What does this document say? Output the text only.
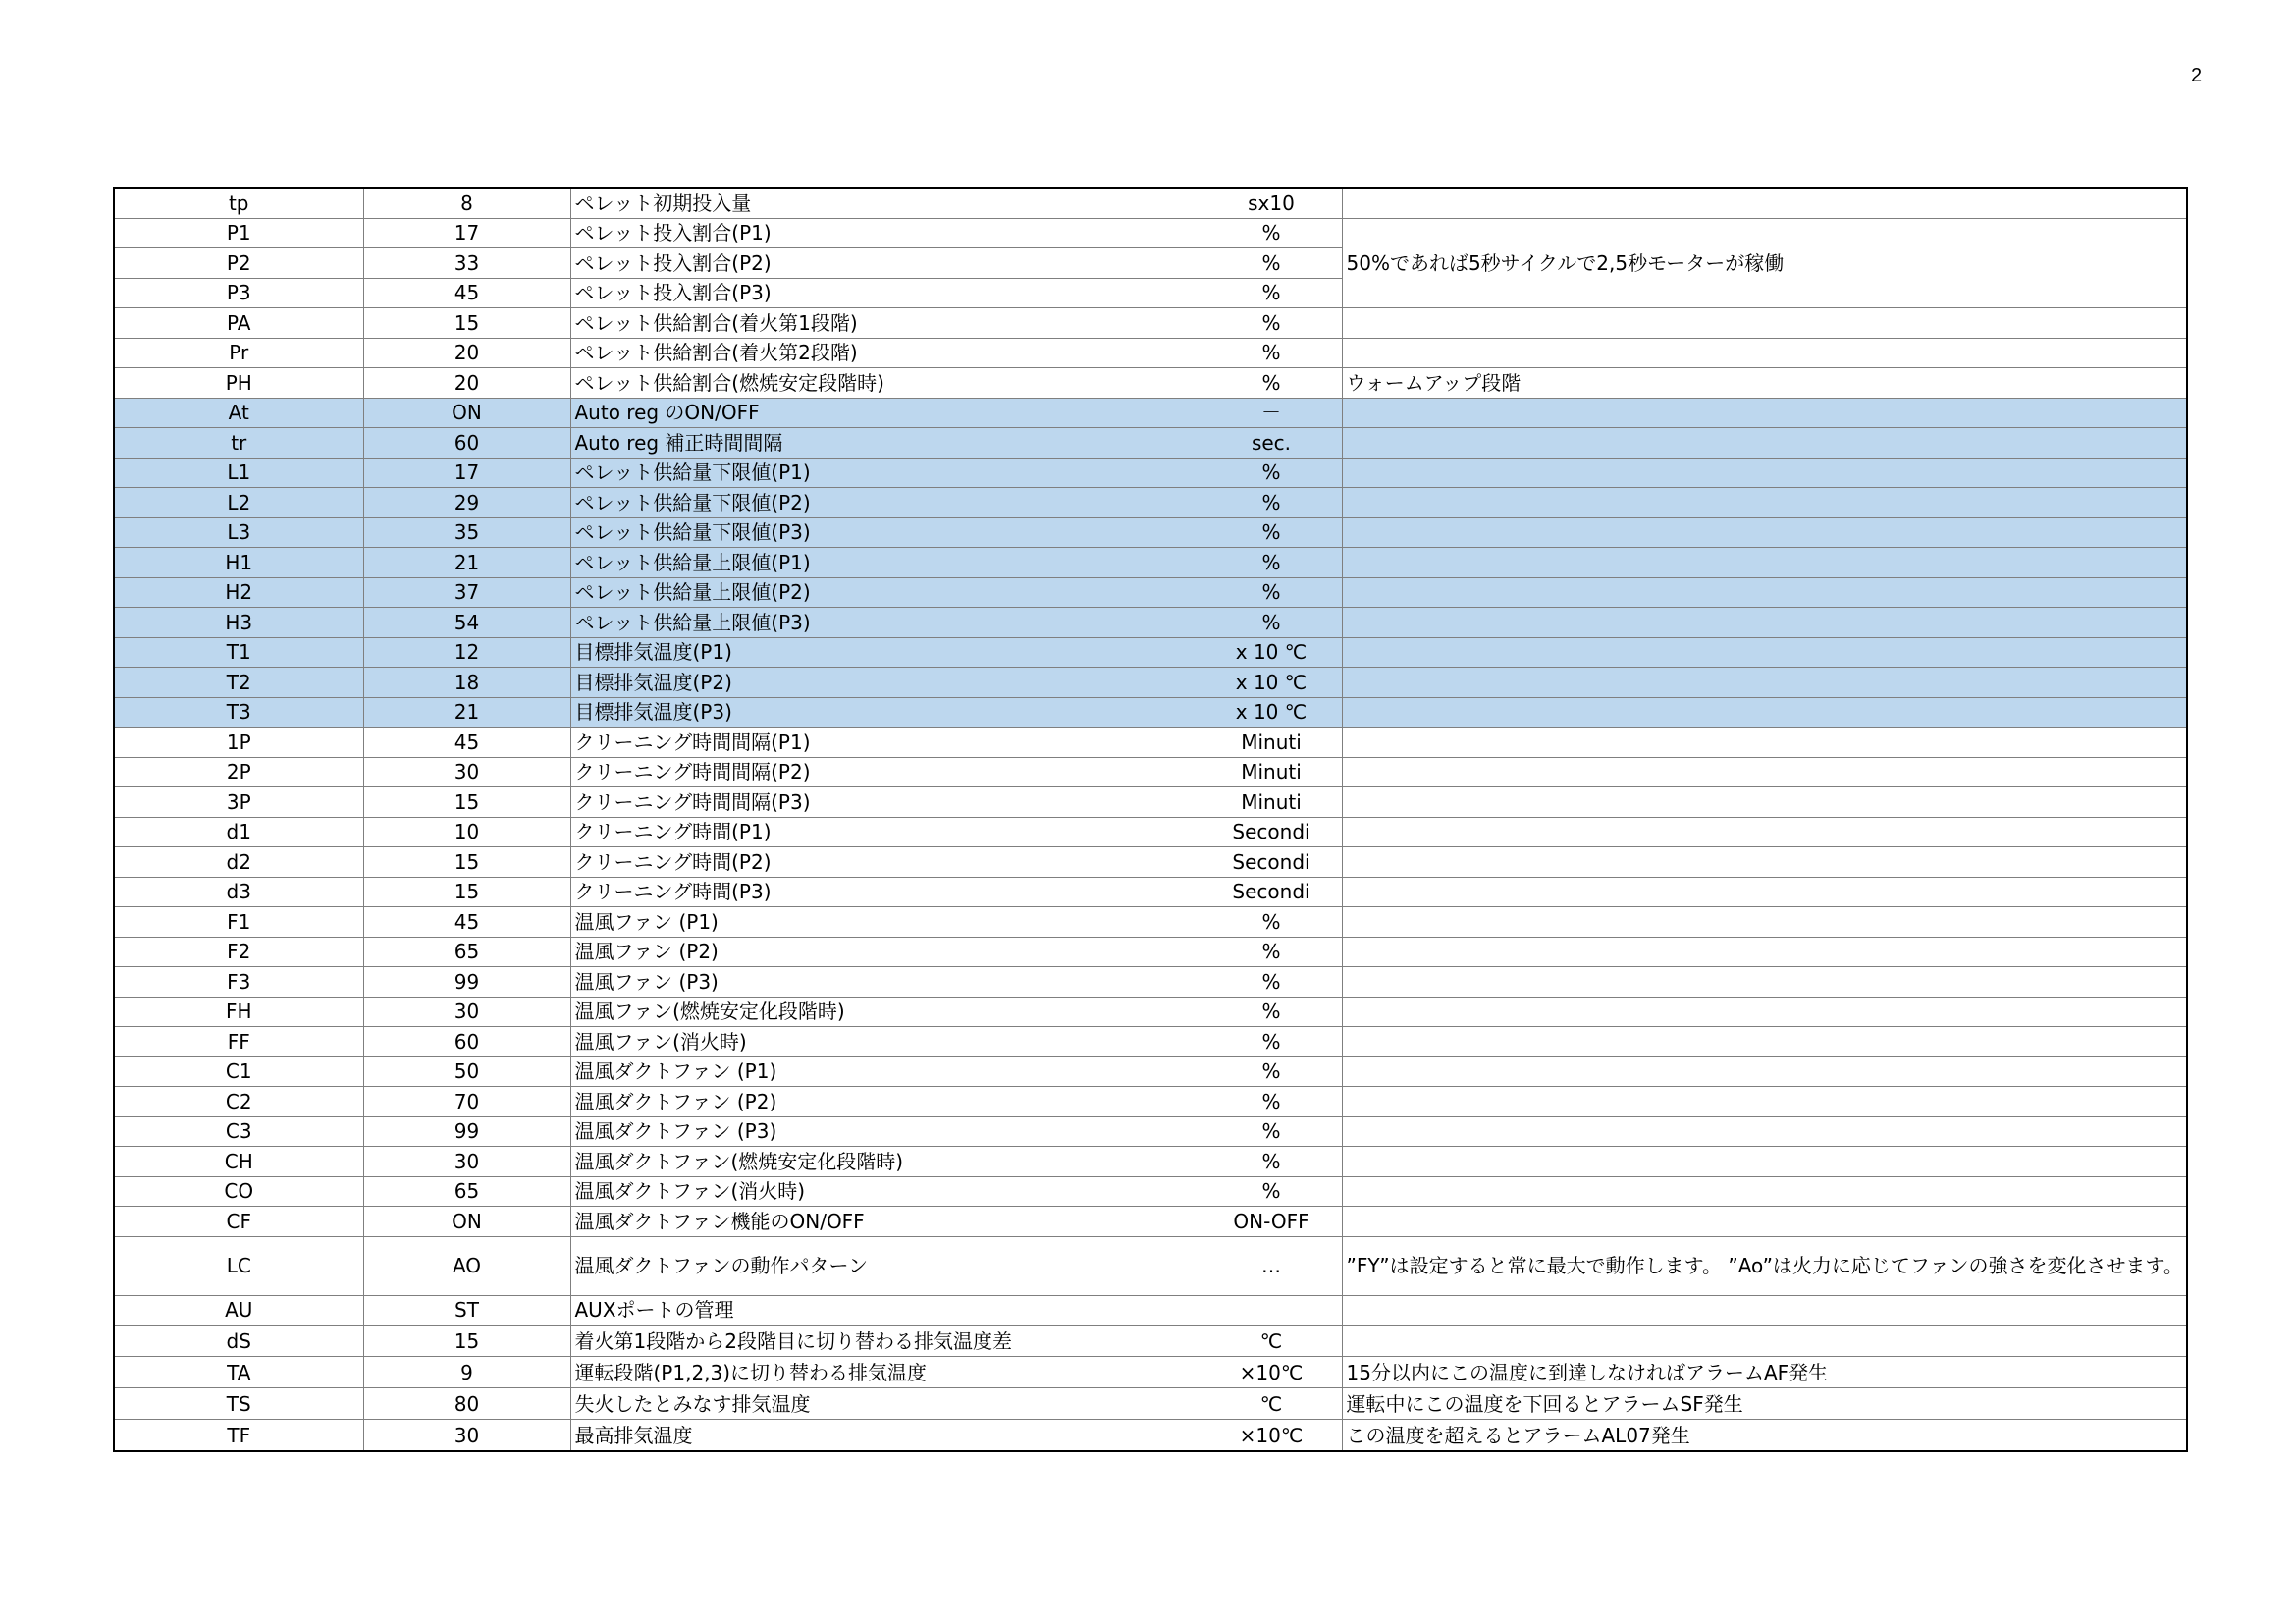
2
tp	8	ペレット初期投入量	sx10	
P1	17	ペレット投入割合(P1)	%	50%であれば5秒サイクルで2,5秒モーターが稼働
P2	33	ペレット投入割合(P2)	%	
P3	45	ペレット投入割合(P3)	%	
PA	15	ペレット供給割合(着火第1段階)	%	
Pr	20	ペレット供給割合(着火第2段階)	%	
PH	20	ペレット供給割合(燃焼安定段階時)	%	ウォームアップ段階
At	ON	Auto reg のON/OFF	－	
tr	60	Auto reg 補正時間間隔	sec.	
L1	17	ペレット供給量下限値(P1)	%	
L2	29	ペレット供給量下限値(P2)	%	
L3	35	ペレット供給量下限値(P3)	%	
H1	21	ペレット供給量上限値(P1)	%	
H2	37	ペレット供給量上限値(P2)	%	
H3	54	ペレット供給量上限値(P3)	%	
T1	12	目標排気温度(P1)	x 10 ℃	
T2	18	目標排気温度(P2)	x 10 ℃	
T3	21	目標排気温度(P3)	x 10 ℃	
1P	45	クリーニング時間間隔(P1)	Minuti	
2P	30	クリーニング時間間隔(P2)	Minuti	
3P	15	クリーニング時間間隔(P3)	Minuti	
d1	10	クリーニング時間(P1)	Secondi	
d2	15	クリーニング時間(P2)	Secondi	
d3	15	クリーニング時間(P3)	Secondi	
F1	45	温風ファン (P1)	%	
F2	65	温風ファン (P2)	%	
F3	99	温風ファン (P3)	%	
FH	30	温風ファン(燃焼安定化段階時)	%	
FF	60	温風ファン(消火時)	%	
C1	50	温風ダクトファン (P1)	%	
C2	70	温風ダクトファン (P2)	%	
C3	99	温風ダクトファン (P3)	%	
CH	30	温風ダクトファン(燃焼安定化段階時)	%	
CO	65	温風ダクトファン(消火時)	%	
CF	ON	温風ダクトファン機能のON/OFF	ON-OFF	
LC	AO	温風ダクトファンの動作パターン	…	”FY”は設定すると常に最大で動作します。 ”Ao”は火力に応じてファンの強さを変化させます。
AU	ST	AUXポートの管理		
dS	15	着火第1段階から2段階目に切り替わる排気温度差	℃	
TA	9	運転段階(P1,2,3)に切り替わる排気温度	×10℃	15分以内にこの温度に到達しなければアラームAF発生
TS	80	失火したとみなす排気温度	℃	運転中にこの温度を下回るとアラームSF発生
TF	30	最高排気温度	×10℃	この温度を超えるとアラームAL07発生
